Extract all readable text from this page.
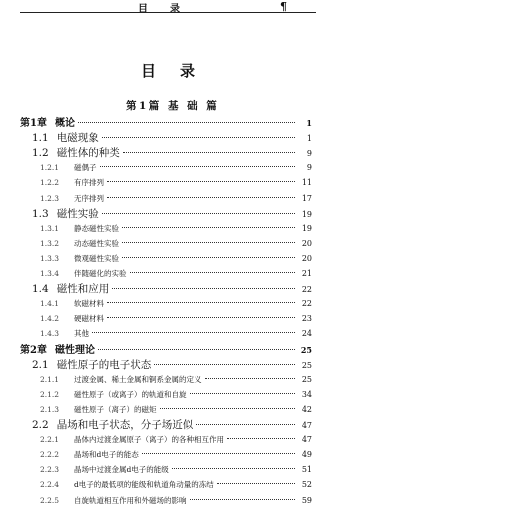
目录	¶
目录
第1篇 基 础 篇
第1章 概论	1
1.1 电磁现象	1
1.2 磁性体的种类	9
1.2.1	磁偶子	9
1.2.2	有序排列	11
1.2.3	无序排列	17
1.3 磁性实验	19
1.3.1	静态磁性实验	19
1.3.2	动态磁性实验	20
1.3.3	微观磁性实验	20
1.3.4	伴随磁化的实验	21
1.4 磁性和应用	22
1.4.1	软磁材料	22
1.4.2	硬磁材料	23
1.4.3	其他	24
第2章 磁性理论	25
2.1 磁性原子的电子状态	25
2.1.1	过渡金属、稀土金属和锕系金属的定义	25
2.1.2	磁性原子（或离子）的轨道和自旋	34
2.1.3	磁性原子（离子）的磁矩	42
2.2 晶场和电子状态，分子场近似	47
2.2.1	晶体内过渡金属原子（离子）的各种相互作用	47
2.2.2	晶场和d电子的能态	49
2.2.3	晶场中过渡金属d电子的能级	51
2.2.4	d电子的最低项的能级和轨道角动量的冻结	52
2.2.5	自旋轨道相互作用和外磁场的影响	59
